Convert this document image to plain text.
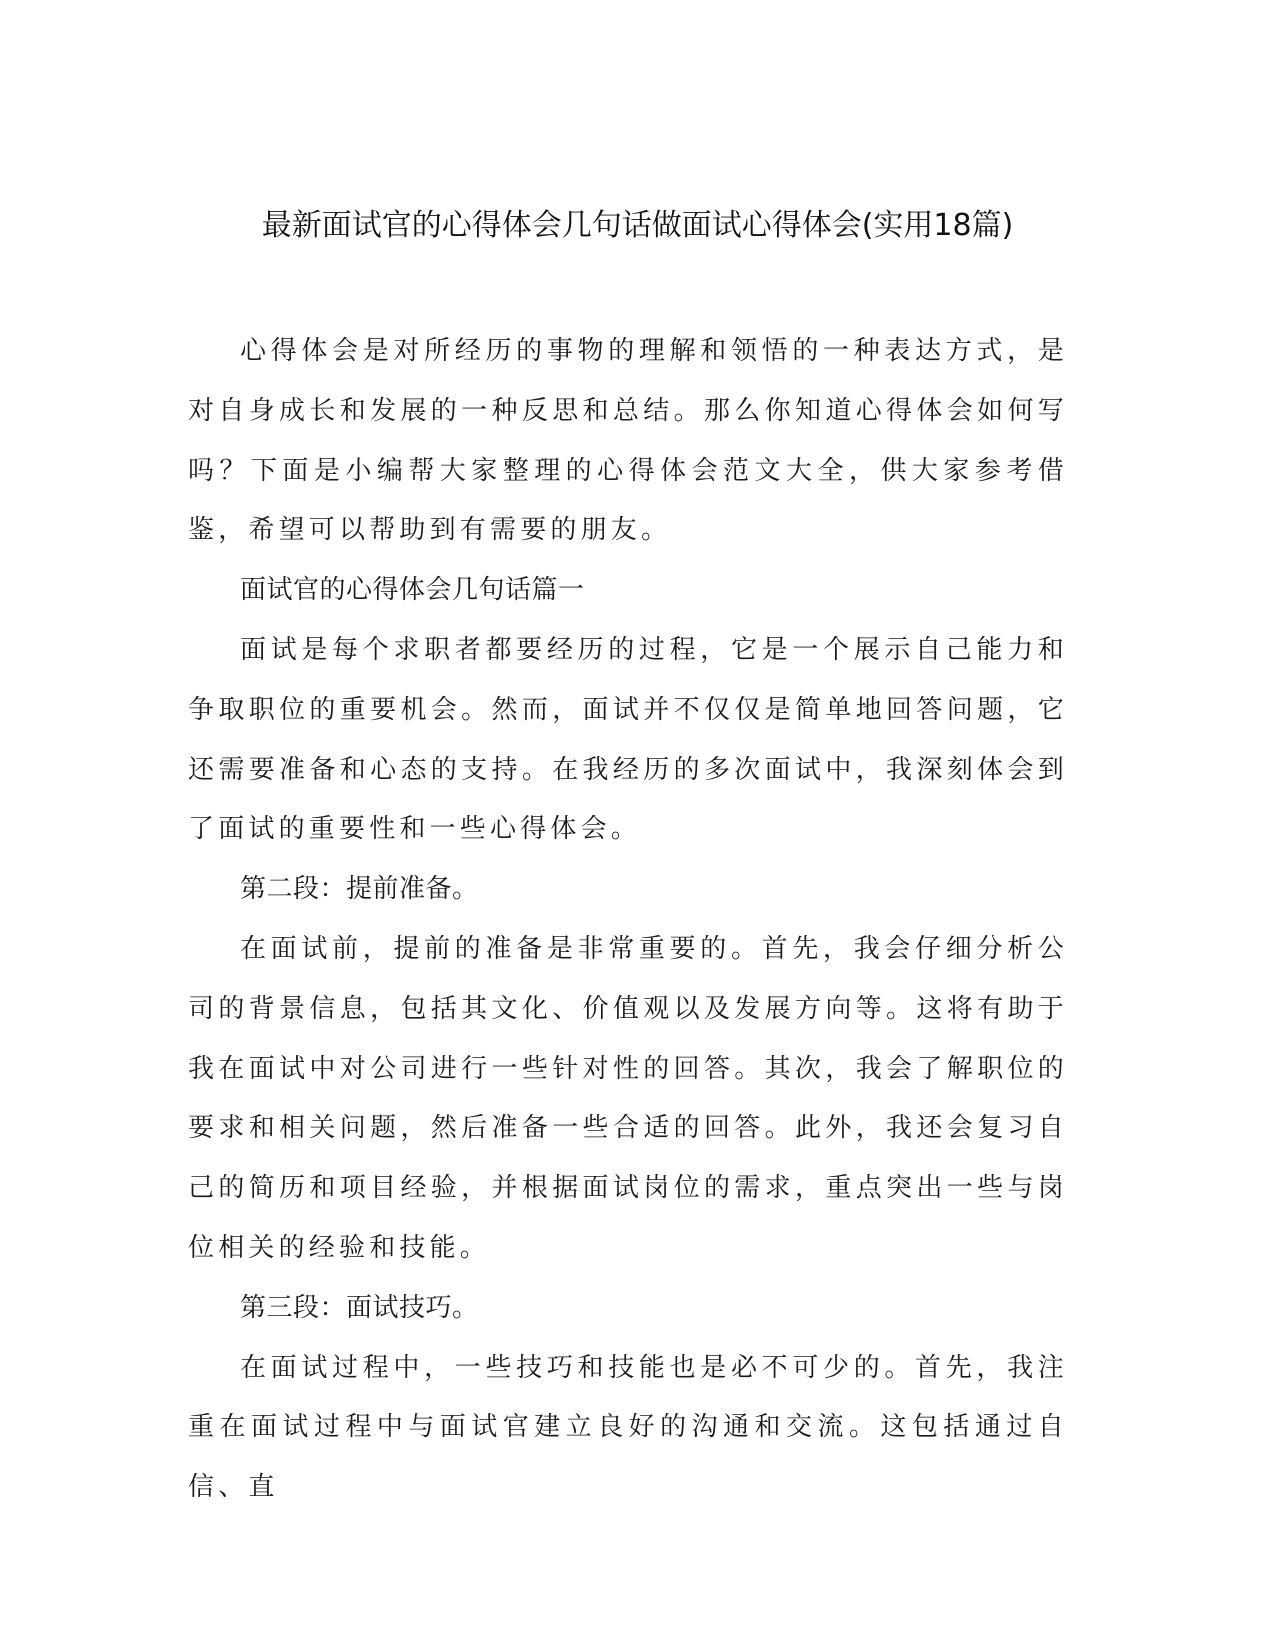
最新面试官的心得体会几句话做面试心得体会(实用18篇)

心得体会是对所经历的事物的理解和领悟的一种表达方式，是对自身成长和发展的一种反思和总结。那么你知道心得体会如何写吗？下面是小编帮大家整理的心得体会范文大全，供大家参考借鉴，希望可以帮助到有需要的朋友。

面试官的心得体会几句话篇一

面试是每个求职者都要经历的过程，它是一个展示自己能力和争取职位的重要机会。然而，面试并不仅仅是简单地回答问题，它还需要准备和心态的支持。在我经历的多次面试中，我深刻体会到了面试的重要性和一些心得体会。

第二段：提前准备。

在面试前，提前的准备是非常重要的。首先，我会仔细分析公司的背景信息，包括其文化、价值观以及发展方向等。这将有助于我在面试中对公司进行一些针对性的回答。其次，我会了解职位的要求和相关问题，然后准备一些合适的回答。此外，我还会复习自己的简历和项目经验，并根据面试岗位的需求，重点突出一些与岗位相关的经验和技能。

第三段：面试技巧。

在面试过程中，一些技巧和技能也是必不可少的。首先，我注重在面试过程中与面试官建立良好的沟通和交流。这包括通过自信、直
